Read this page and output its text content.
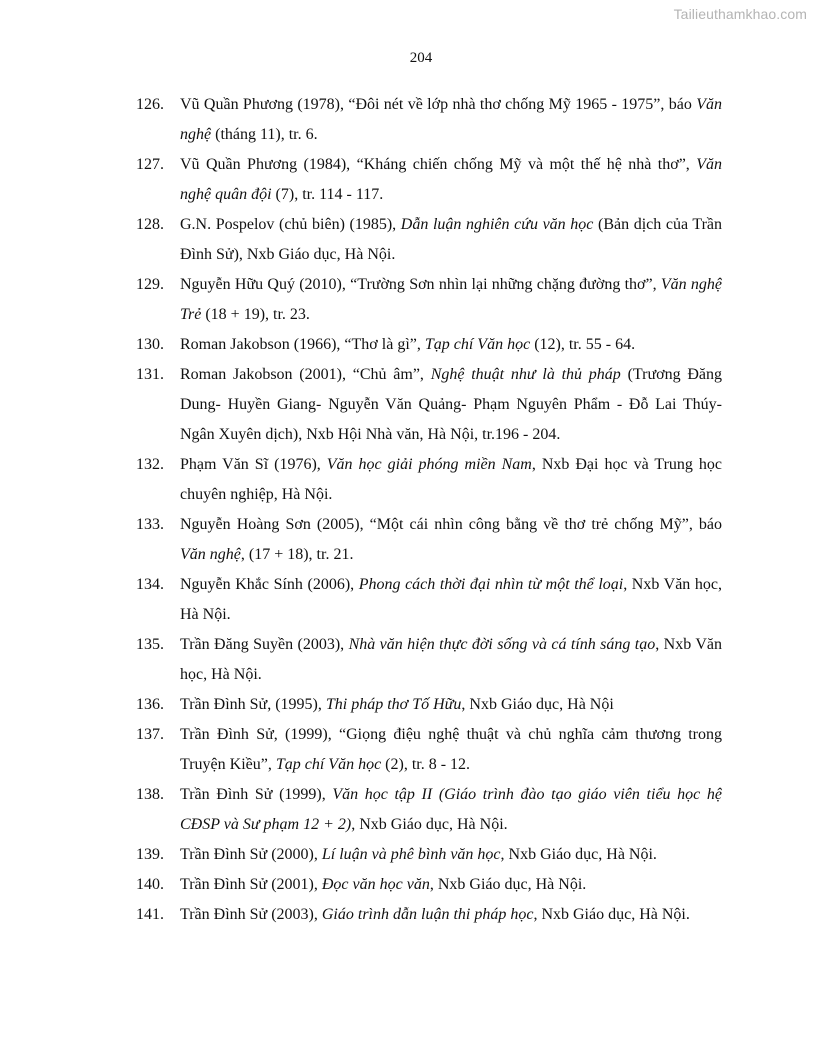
Tailieuthamkhao.com
204
126.	Vũ Quần Phương (1978), “Đôi nét về lớp nhà thơ chống Mỹ 1965 - 1975”, báo Văn nghệ (tháng 11), tr. 6.
127.	Vũ Quần Phương (1984), “Kháng chiến chống Mỹ và một thế hệ nhà thơ”, Văn nghệ quân đội (7), tr. 114 - 117.
128.	G.N. Pospelov (chủ biên) (1985), Dẫn luận nghiên cứu văn học (Bản dịch của Trần Đình Sử), Nxb Giáo dục, Hà Nội.
129.	Nguyễn Hữu Quý (2010), “Trường Sơn nhìn lại những chặng đường thơ”, Văn nghệ Trẻ (18 + 19), tr. 23.
130.	Roman Jakobson (1966), “Thơ là gì”, Tạp chí Văn học (12), tr. 55 - 64.
131.	Roman Jakobson (2001), “Chủ âm”, Nghệ thuật như là thủ pháp (Trương Đăng Dung- Huyền Giang- Nguyễn Văn Quảng- Phạm Nguyên Phẩm - Đỗ Lai Thúy- Ngân Xuyên dịch), Nxb Hội Nhà văn, Hà Nội, tr.196 - 204.
132.	Phạm Văn Sĩ (1976), Văn học giải phóng miền Nam, Nxb Đại học và Trung học chuyên nghiệp, Hà Nội.
133.	Nguyễn Hoàng Sơn (2005), “Một cái nhìn công bằng về thơ trẻ chống Mỹ”, báo Văn nghệ, (17 + 18), tr. 21.
134.	Nguyễn Khắc Sính (2006), Phong cách thời đại nhìn từ một thể loại, Nxb Văn học, Hà Nội.
135.	Trần Đăng Suyền (2003), Nhà văn hiện thực đời sống và cá tính sáng tạo, Nxb Văn học, Hà Nội.
136.	Trần Đình Sử, (1995), Thi pháp thơ Tố Hữu, Nxb Giáo dục, Hà Nội
137.	Trần Đình Sử, (1999), “Giọng điệu nghệ thuật và chủ nghĩa cảm thương trong Truyện Kiều”, Tạp chí Văn học (2), tr. 8 - 12.
138.	Trần Đình Sử (1999), Văn học tập II (Giáo trình đào tạo giáo viên tiểu học hệ CĐSP và Sư phạm 12 + 2), Nxb Giáo dục, Hà Nội.
139.	Trần Đình Sử (2000), Lí luận và phê bình văn học, Nxb Giáo dục, Hà Nội.
140.	Trần Đình Sử (2001), Đọc văn học văn, Nxb Giáo dục, Hà Nội.
141.	Trần Đình Sử (2003), Giáo trình dẫn luận thi pháp học, Nxb Giáo dục, Hà Nội.
